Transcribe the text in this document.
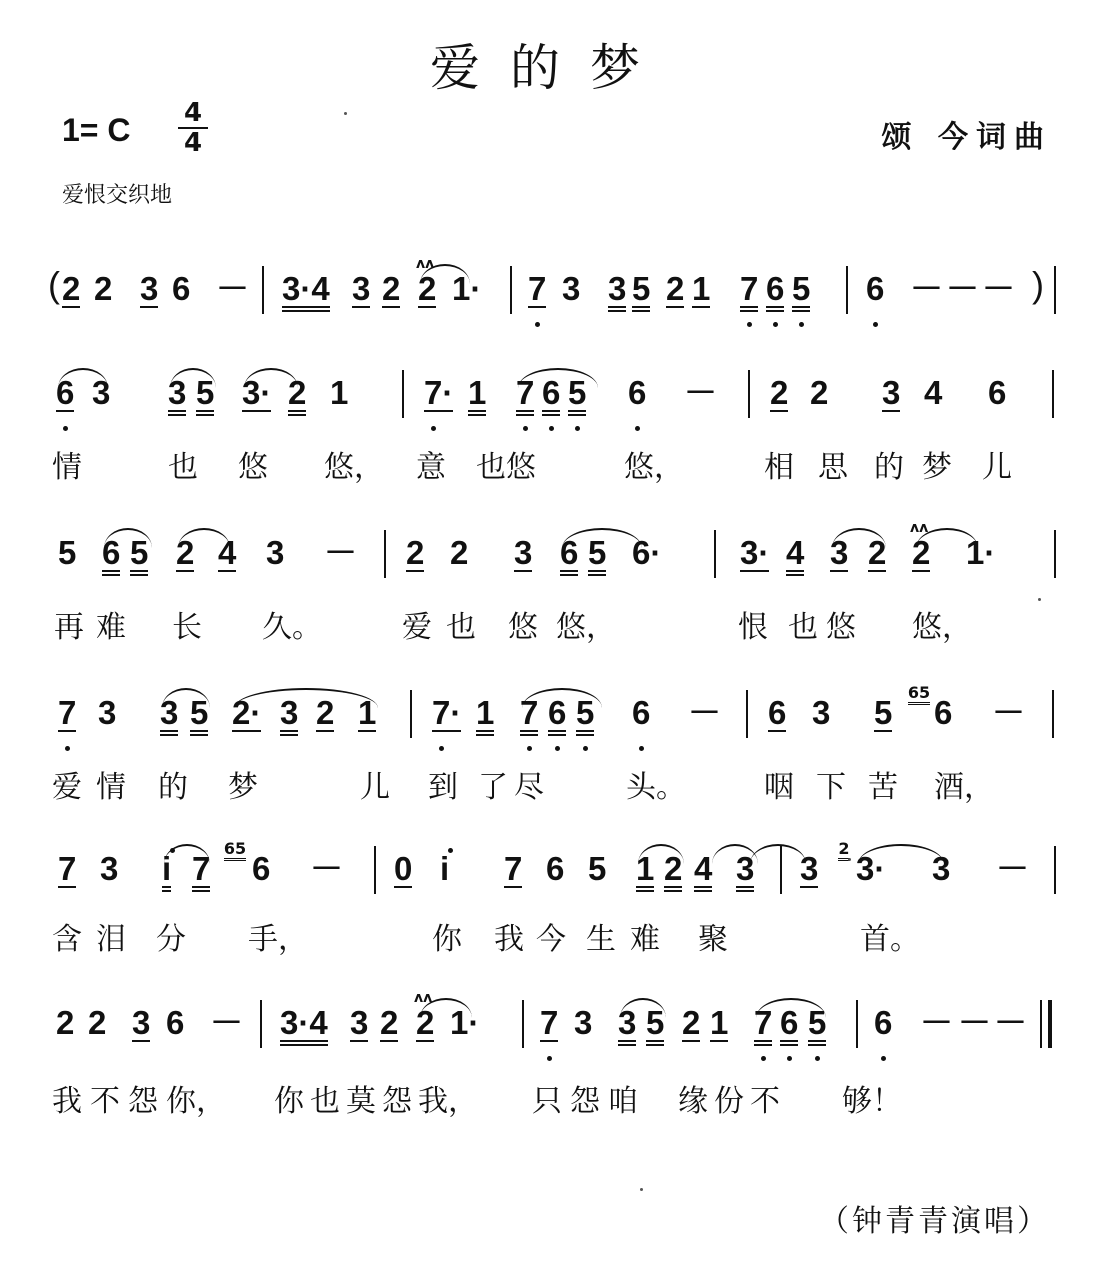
爱的梦
1= C 4
4	颂 今词曲
爱恨交织地
( 2 2 3 6 － 3·4 3 2
ʌʌ
2 1· 7 3 3 5 2 1 7 6 5 6 － － － )
6 3 3 5 3· 2 1 7· 1 7 6 5 6 － 2 2 3 4 6
情	也 悠 悠， 意 也 悠	悠，	相 思 的 梦 儿
5 6 5 2 4 3 － 2 2 3 6 5 6· 3· 4 3 2
ʌʌ
2 1·
再 难 长 久。	爱 也 悠 悠，	恨 也 悠 悠，
7 3 3 5 2· 3 2 1 7· 1 7 6 5 6 － 6 3 5
65
6 －
爱 情 的 梦	儿 到 了 尽	头。	咽 下 苦 酒，
7 3 i 7
65
6 － 0 i 7 6 5 1 2 4 3 3
2
3· 3 －
含 泪 分 手，	你 我 今 生 难 聚	首。
2 2 3 6 － 3·4 3 2
ʌʌ
2 1· 7 3 3 5 2 1 7 6 5 6 － － －
我 不 怨 你， 你 也 莫 怨 我， 只 怨 咱 缘 份 不 够！
（钟青青演唱）
